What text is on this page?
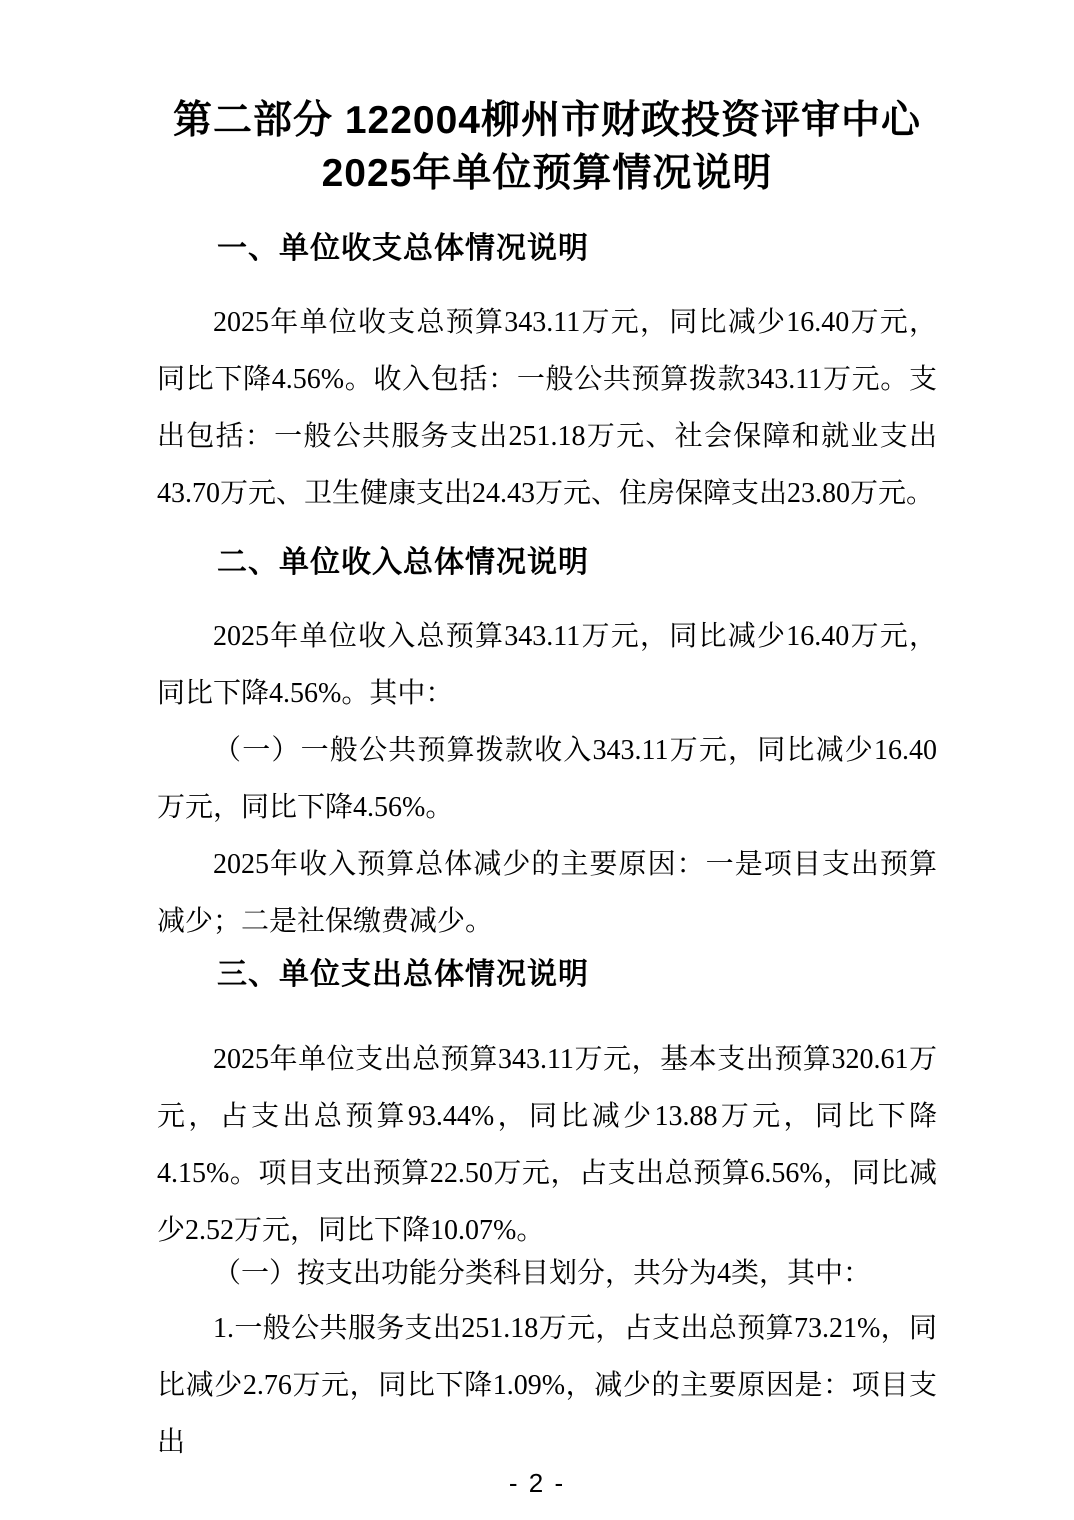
第二部分 122004柳州市财政投资评审中心
2025年单位预算情况说明
一、单位收支总体情况说明

2025年单位收支总预算343.11万元，同比减少16.40万元，同比下降4.56%。收入包括：一般公共预算拨款343.11万元。支出包括：一般公共服务支出251.18万元、社会保障和就业支出43.70万元、卫生健康支出24.43万元、住房保障支出23.80万元。

二、单位收入总体情况说明

2025年单位收入总预算343.11万元，同比减少16.40万元，同比下降4.56%。其中：

（一）一般公共预算拨款收入343.11万元，同比减少16.40万元，同比下降4.56%。

2025年收入预算总体减少的主要原因：一是项目支出预算减少；二是社保缴费减少。

三、单位支出总体情况说明

2025年单位支出总预算343.11万元，基本支出预算320.61万元，占支出总预算93.44%，同比减少13.88万元，同比下降4.15%。项目支出预算22.50万元，占支出总预算6.56%，同比减少2.52万元，同比下降10.07%。

（一）按支出功能分类科目划分，共分为4类，其中：

1.一般公共服务支出251.18万元，占支出总预算73.21%，同比减少2.76万元，同比下降1.09%，减少的主要原因是：项目支出

- 2 -
